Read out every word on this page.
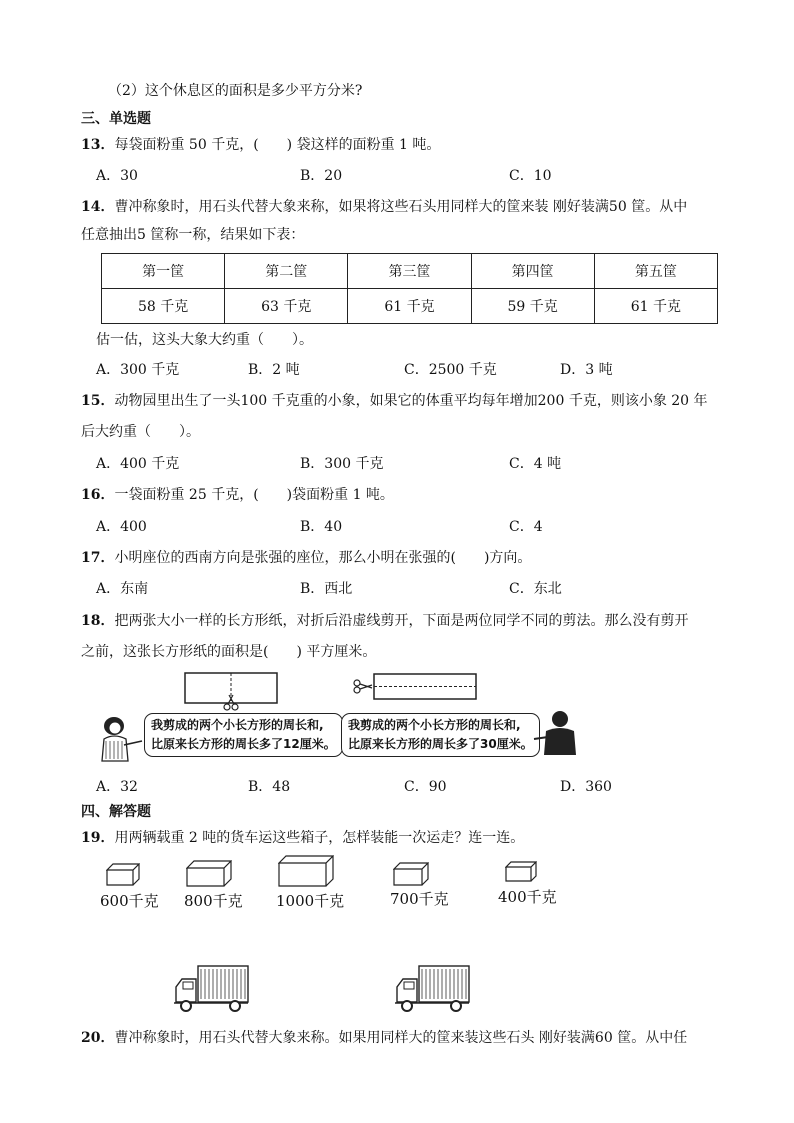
（2）这个休息区的面积是多少平方分米?
三、单选题
13．每袋面粉重 50 千克，(　　) 袋这样的面粉重 1 吨。
A．30	B．20	C．10
14．曹冲称象时，用石头代替大象来称，如果将这些石头用同样大的筐来装 刚好装满50 筐。从中
任意抽出5 筐称一称，结果如下表：
第一筐	第二筐	第三筐	第四筐	第五筐
58 千克	63 千克	61 千克	59 千克	61 千克
估一估，这头大象大约重（　　）。
A．300 千克	B．2 吨	C．2500 千克	D．3 吨
15．动物园里出生了一头100 千克重的小象，如果它的体重平均每年增加200 千克，则该小象 20 年
后大约重（　　）。
A．400 千克	B．300 千克	C．4 吨
16．一袋面粉重 25 千克，(　　)袋面粉重 1 吨。
A．400	B．40	C．4
17．小明座位的西南方向是张强的座位，那么小明在张强的(　　)方向。
A．东南	B．西北	C．东北
18．把两张大小一样的长方形纸，对折后沿虚线剪开，下面是两位同学不同的剪法。那么没有剪开
之前，这张长方形纸的面积是(　　) 平方厘米。
我剪成的两个小长方形的周长和,
比原来长方形的周长多了12厘米。
我剪成的两个小长方形的周长和,
比原来长方形的周长多了30厘米。
A．32	B．48	C．90	D．360
四、解答题
19．用两辆载重 2 吨的货车运这些箱子，怎样装能一次运走？连一连。
600千克 800千克 1000千克	700千克	400千克
20．曹冲称象时，用石头代替大象来称。如果用同样大的筐来装这些石头 刚好装满60 筐。从中任
